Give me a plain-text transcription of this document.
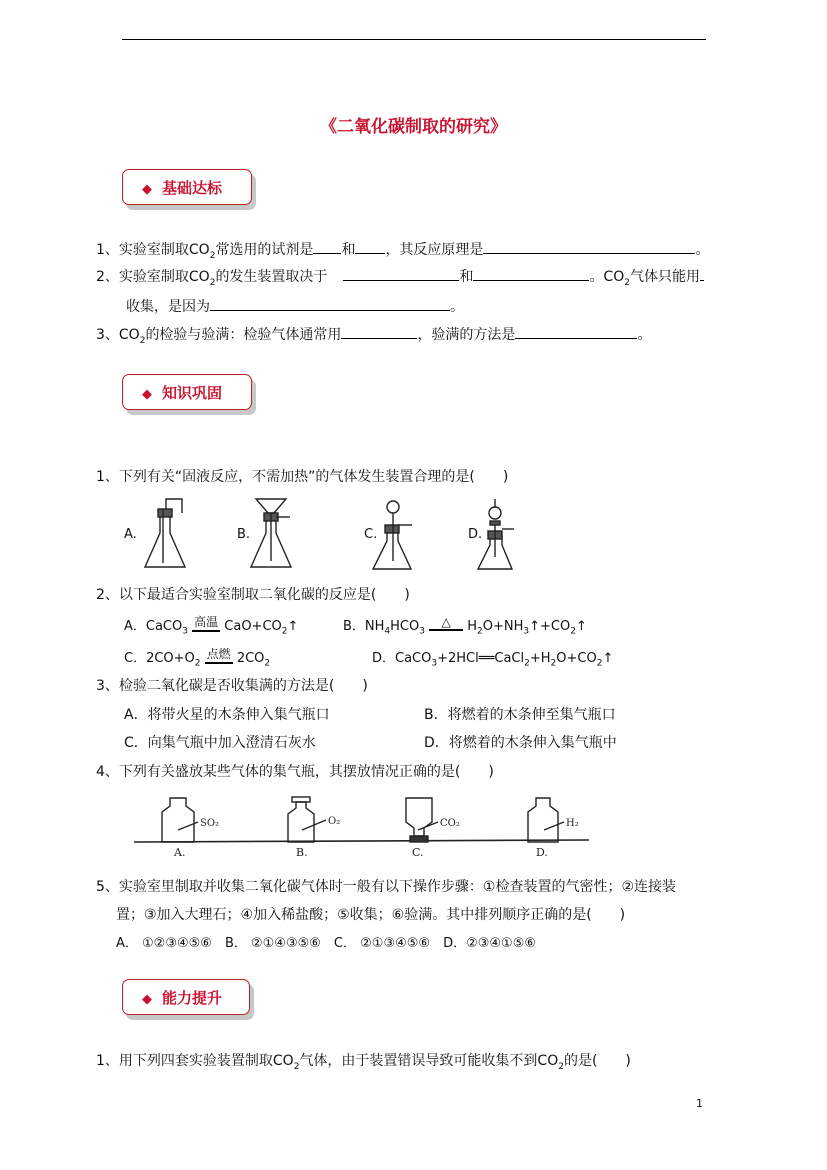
《二氧化碳制取的研究》
◆ 基础达标
1、实验室制取$CO_2$常选用的试剂是 和 ，其反应原理是	。
2、实验室制取$CO_2$的发生装置取决于	和	。$CO_2$气体只能用
收集，是因为	。
3、$CO_2$的检验与验满：检验气体通常用	，验满的方法是	。
◆ 知识巩固
1、下列有关“固液反应，不需加热”的气体发生装置合理的是(　　)
A.	B.	C.	D.
2、以下最适合实验室制取二氧化碳的反应是(　　)
A．CaCO$_3$ 高温 $CaO+CO_2↑$	B．$NH_4HCO_3$ △ $H_2O+NH_3↑+CO_2↑$
C．$2CO+O_2$ 点燃 $2CO_2$	D．$CaCO_3+2HCl══CaCl_2+H_2O+CO_2↑$
3、检验二氧化碳是否收集满的方法是(　　)
A．将带火星的木条伸入集气瓶口	B．将燃着的木条伸至集气瓶口
C．向集气瓶中加入澄清石灰水	D．将燃着的木条伸入集气瓶中
4、下列有关盛放某些气体的集气瓶，其摆放情况正确的是(　　)
SO₂	O₂	CO₂	H₂
A.	B.	C.	D.
5、实验室里制取并收集二氧化碳气体时一般有以下操作步骤：①检查装置的气密性；②连接装
置；③加入大理石；④加入稀盐酸；⑤收集；⑥验满。其中排列顺序正确的是(　　)
A． ①②③④⑤⑥　B． ②①④③⑤⑥　C． ②①③④⑤⑥　D．②③④①⑤⑥
◆ 能力提升
1、用下列四套实验装置制取$CO_2$气体，由于装置错误导致可能收集不到$CO_2$的是(　　)
1
